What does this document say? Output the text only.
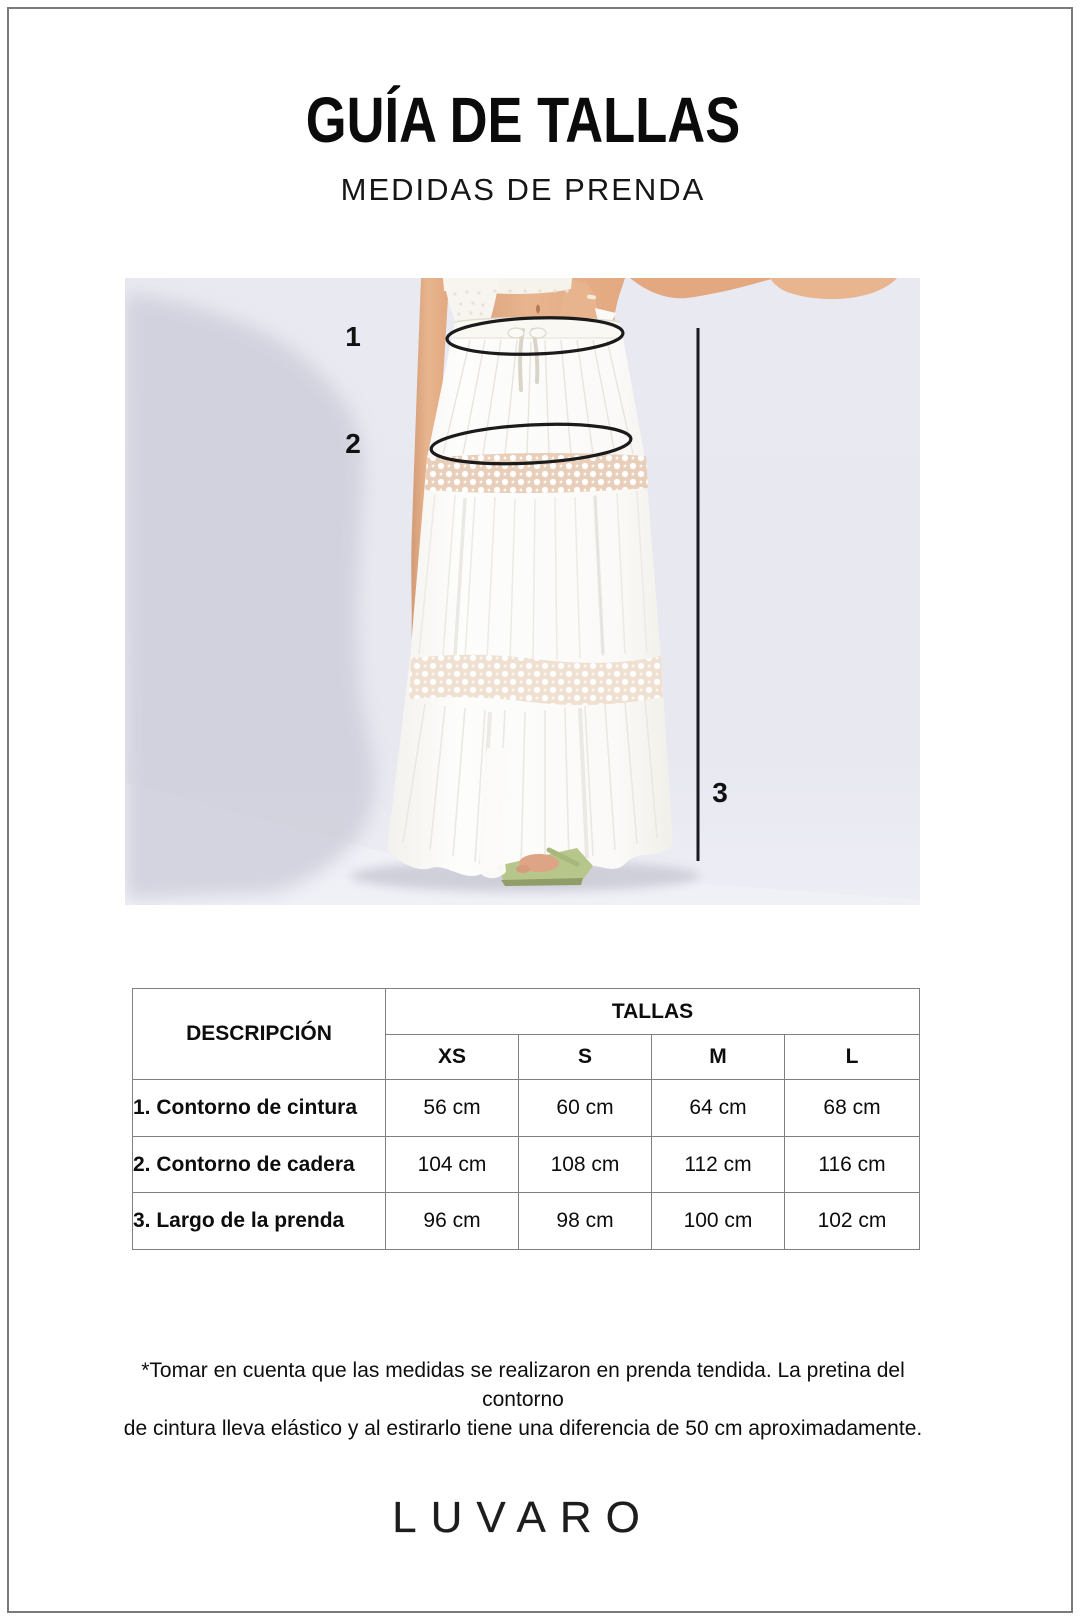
GUÍA DE TALLAS
MEDIDAS DE PRENDA
1
2
3
DESCRIPCIÓN	TALLAS			
	XS	S	M	L
1. Contorno de cintura	56 cm	60 cm	64 cm	68 cm
2. Contorno de cadera	104 cm	108 cm	112 cm	116 cm
3. Largo de la prenda	96 cm	98 cm	100 cm	102 cm
*Tomar en cuenta que las medidas se realizaron en prenda tendida. La pretina del contorno
de cintura lleva elástico y al estirarlo tiene una diferencia de 50 cm aproximadamente.
LUVARO
